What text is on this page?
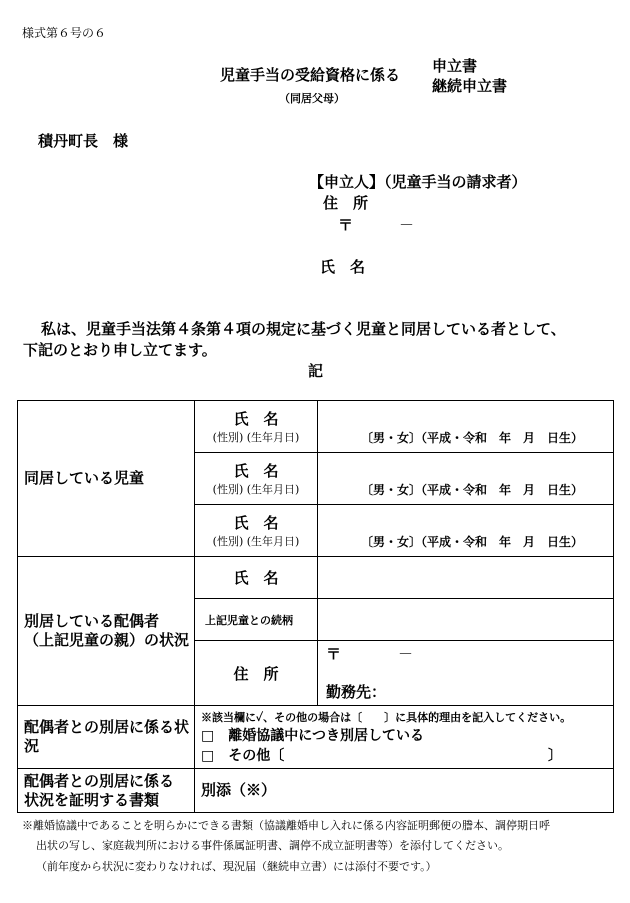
様式第６号の６
児童手当の受給資格に係る
（同居父母）
申立書
継続申立書
積丹町長　様
【申立人】（児童手当の請求者）
住　所
〒	－
氏　名
私は、児童手当法第４条第４項の規定に基づく児童と同居している者として、
下記のとおり申し立てます。
記
同居している児童	氏　名
(性別) (生年月日)	〔男・女〕（平成・令和　年　月　日生）

	氏　名
(性別) (生年月日)	〔男・女〕（平成・令和　年　月　日生）

	氏　名
(性別) (生年月日)	〔男・女〕（平成・令和　年　月　日生）

別居している配偶者
（上記児童の親）の状況	氏　名	

	上記児童との続柄	

	住　所	〒 －
勤務先：

配偶者との別居に係る状況	※該当欄に✓、その他の場合は〔　　〕に具体的理由を記入してください。
□　離婚協議中につき別居している
□　その他〔 〕	

配偶者との別居に係る
状況を証明する書類	別添（※）	
※離婚協議中であることを明らかにできる書類（協議離婚申し入れに係る内容証明郵便の謄本、調停期日呼
出状の写し、家庭裁判所における事件係属証明書、調停不成立証明書等）を添付してください。
（前年度から状況に変わりなければ、現況届（継続申立書）には添付不要です。）
